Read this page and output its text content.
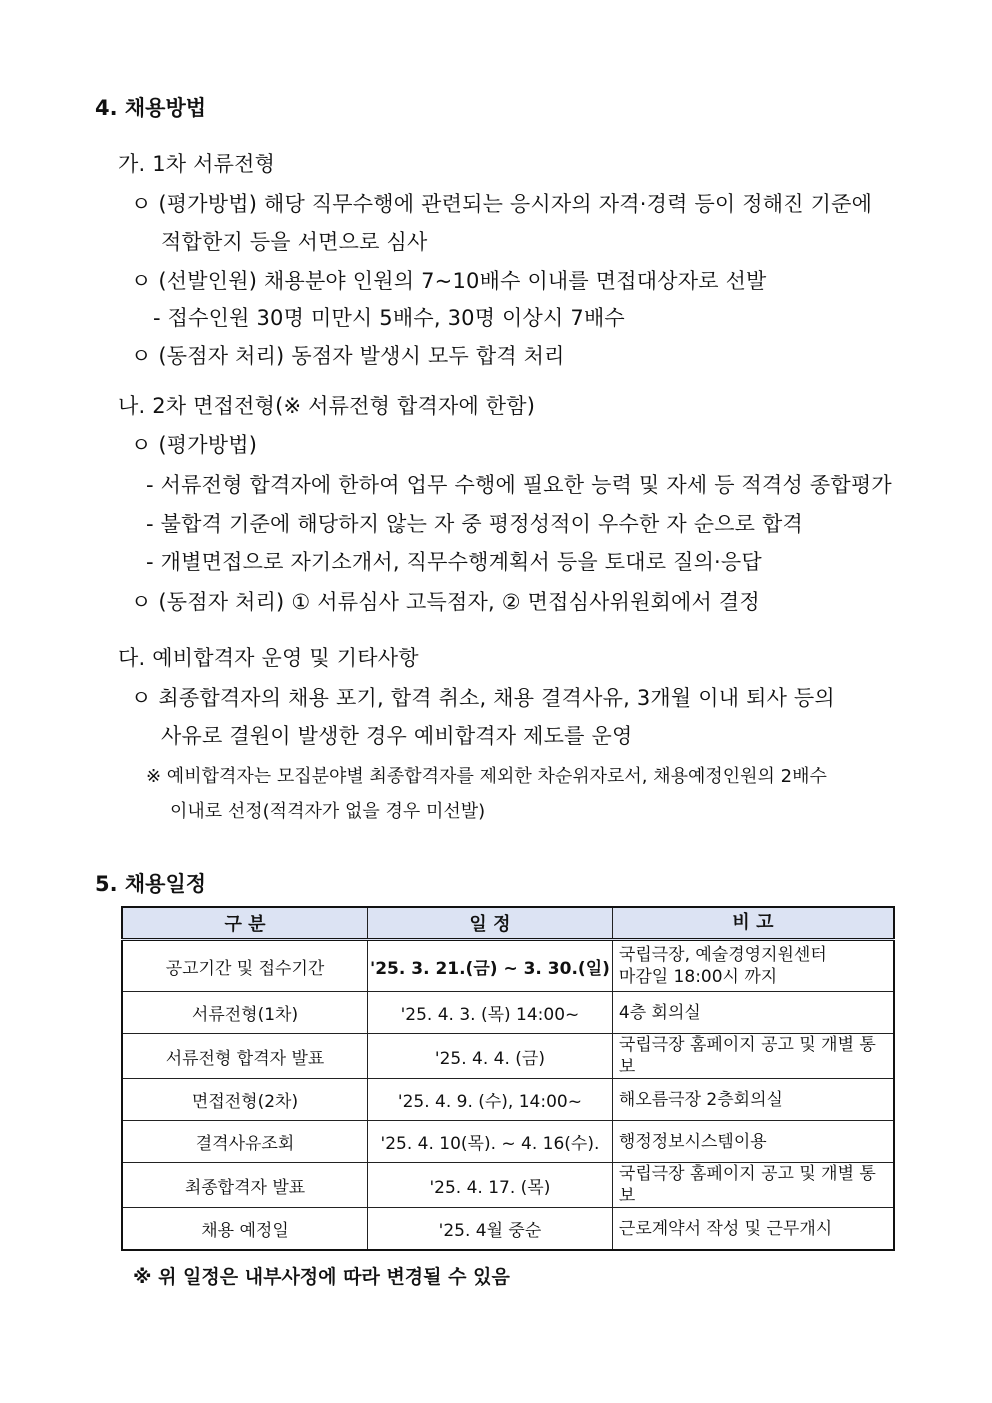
4. 채용방법
가. 1차 서류전형
ㅇ (평가방법) 해당 직무수행에 관련되는 응시자의 자격·경력 등이 정해진 기준에
적합한지 등을 서면으로 심사
ㅇ (선발인원) 채용분야 인원의 7~10배수 이내를 면접대상자로 선발
- 접수인원 30명 미만시 5배수, 30명 이상시 7배수
ㅇ (동점자 처리) 동점자 발생시 모두 합격 처리
나. 2차 면접전형(※ 서류전형 합격자에 한함)
ㅇ (평가방법)
- 서류전형 합격자에 한하여 업무 수행에 필요한 능력 및 자세 등 적격성 종합평가
- 불합격 기준에 해당하지 않는 자 중 평정성적이 우수한 자 순으로 합격
- 개별면접으로 자기소개서, 직무수행계획서 등을 토대로 질의·응답
ㅇ (동점자 처리) ① 서류심사 고득점자, ② 면접심사위원회에서 결정
다. 예비합격자 운영 및 기타사항
ㅇ 최종합격자의 채용 포기, 합격 취소, 채용 결격사유, 3개월 이내 퇴사 등의
사유로 결원이 발생한 경우 예비합격자 제도를 운영
※ 예비합격자는 모집분야별 최종합격자를 제외한 차순위자로서, 채용예정인원의 2배수
이내로 선정(적격자가 없을 경우 미선발)
5. 채용일정
구 분	일 정	비 고
공고기간 및 접수기간	'25. 3. 21.(금) ~ 3. 30.(일)	국립극장, 예술경영지원센터
마감일 18:00시 까지

서류전형(1차)	'25. 4. 3. (목) 14:00~	4층 회의실
서류전형 합격자 발표	'25. 4. 4. (금)	국립극장 홈페이지 공고 및 개별 통보
면접전형(2차)	'25. 4. 9. (수), 14:00~	해오름극장 2층회의실
결격사유조회	'25. 4. 10(목). ~ 4. 16(수).	행정정보시스템이용
최종합격자 발표	'25. 4. 17. (목)	국립극장 홈페이지 공고 및 개별 통보
채용 예정일	'25. 4월 중순	근로계약서 작성 및 근무개시
※ 위 일정은 내부사정에 따라 변경될 수 있음
